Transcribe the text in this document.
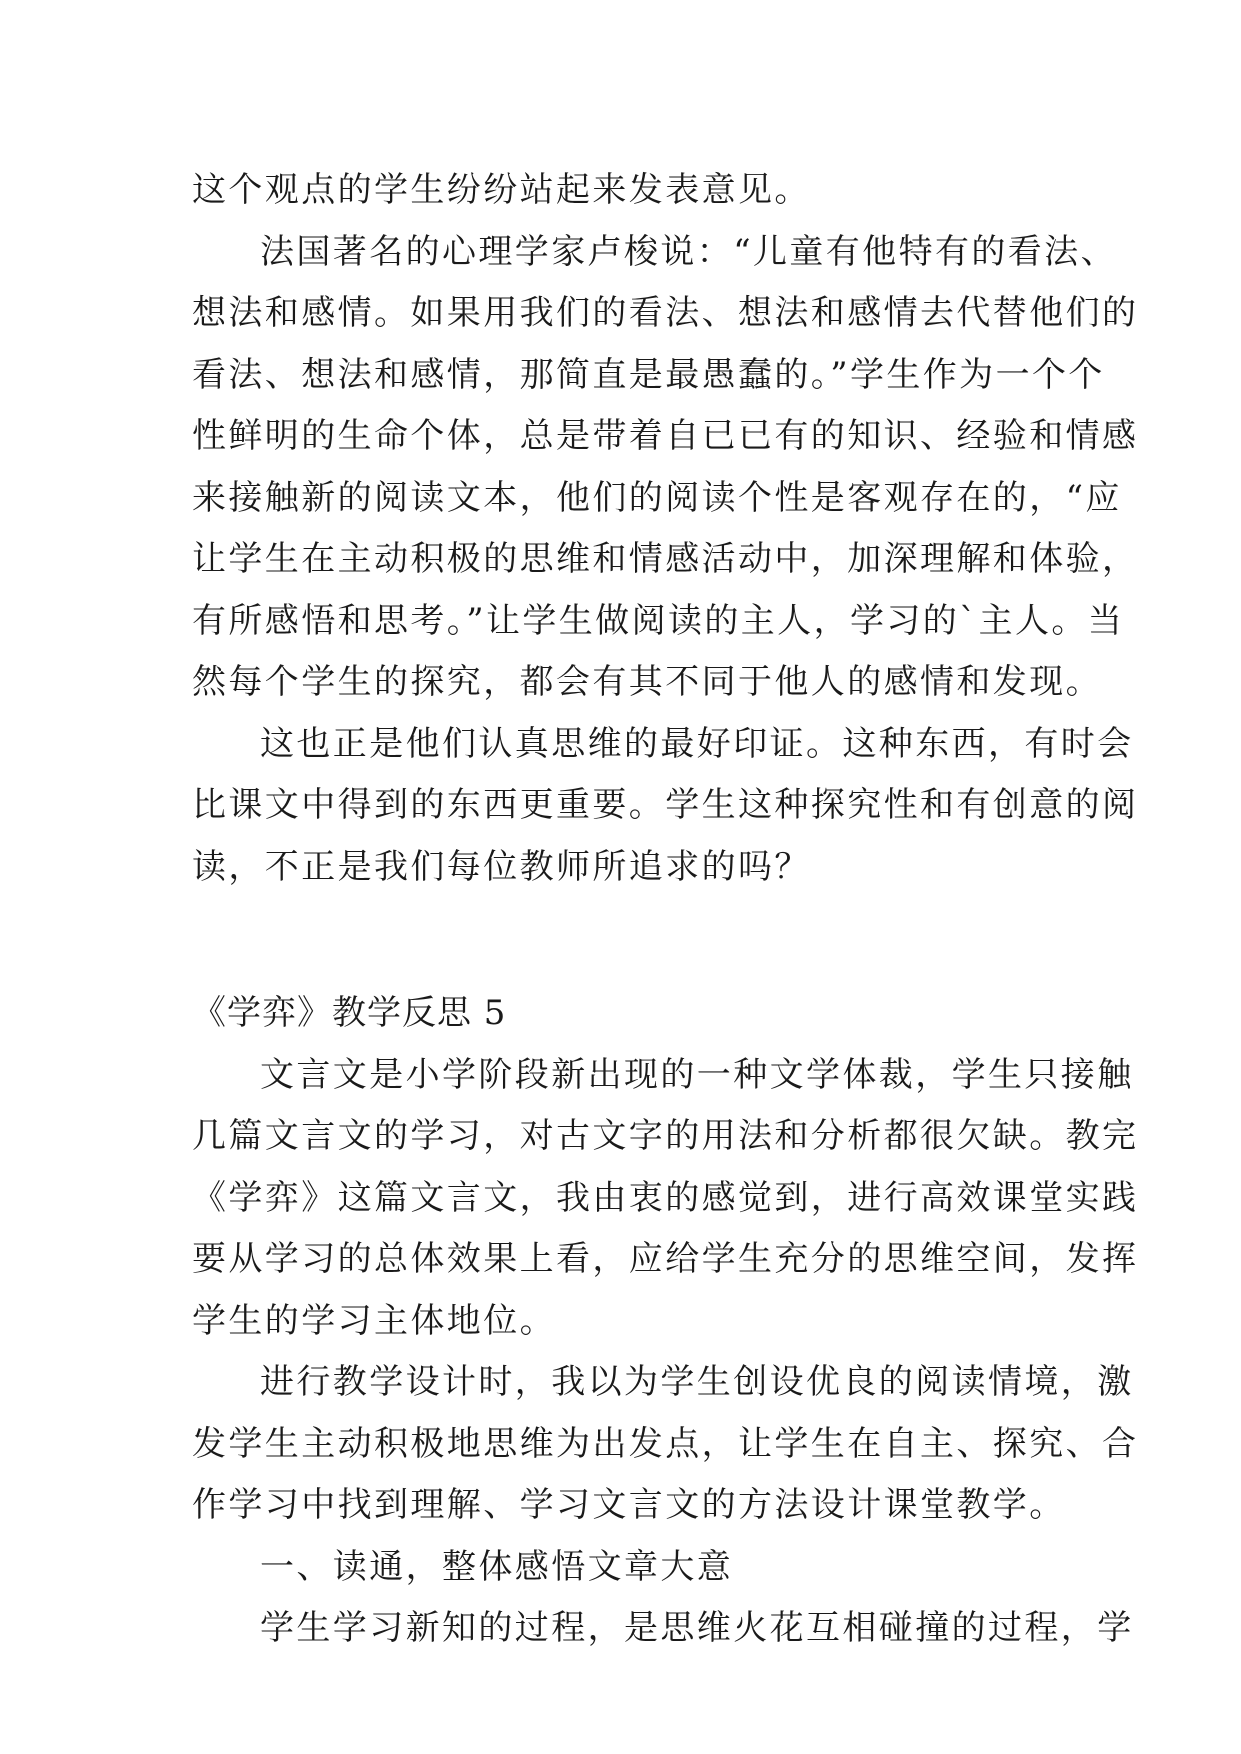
这个观点的学生纷纷站起来发表意见。
法国著名的心理学家卢梭说：“儿童有他特有的看法、
想法和感情。如果用我们的看法、想法和感情去代替他们的
看法、想法和感情，那简直是最愚蠢的。”学生作为一个个
性鲜明的生命个体，总是带着自已已有的知识、经验和情感
来接触新的阅读文本，他们的阅读个性是客观存在的，“应
让学生在主动积极的思维和情感活动中，加深理解和体验，
有所感悟和思考。”让学生做阅读的主人，学习的`主人。当
然每个学生的探究，都会有其不同于他人的感情和发现。
这也正是他们认真思维的最好印证。这种东西，有时会
比课文中得到的东西更重要。学生这种探究性和有创意的阅
读，不正是我们每位教师所追求的吗？
《学弈》教学反思 5
文言文是小学阶段新出现的一种文学体裁，学生只接触
几篇文言文的学习，对古文字的用法和分析都很欠缺。教完
《学弈》这篇文言文，我由衷的感觉到，进行高效课堂实践
要从学习的总体效果上看，应给学生充分的思维空间，发挥
学生的学习主体地位。
进行教学设计时，我以为学生创设优良的阅读情境，激
发学生主动积极地思维为出发点，让学生在自主、探究、合
作学习中找到理解、学习文言文的方法设计课堂教学。
一、读通，整体感悟文章大意
学生学习新知的过程，是思维火花互相碰撞的过程，学
